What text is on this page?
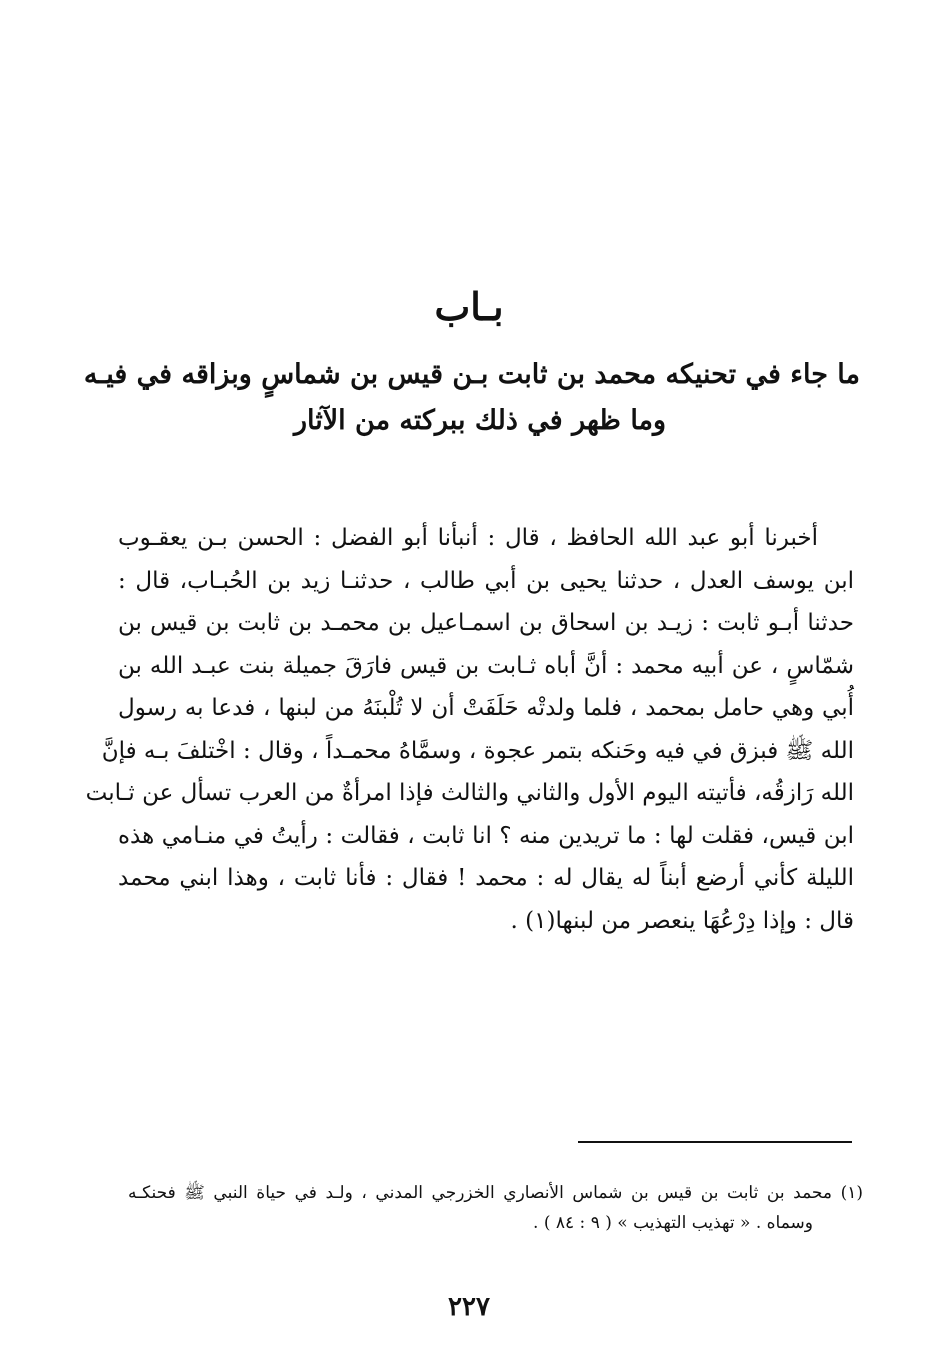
بـاب
ما جاء في تحنيكه محمد بن ثابت بـن قيس بن شماسٍ وبزاقه في فيـه
وما ظهر في ذلك ببركته من الآثار
أخبرنا أبو عبد الله الحافظ ، قال : أنبأنا أبو الفضل : الحسن بـن يعقـوب
ابن يوسف العدل ، حدثنا يحيى بن أبي طالب ، حدثنـا زيد بن الحُبـاب، قال :
حدثنا أبـو ثابت : زيـد بن اسحاق بن اسمـاعيل بن محمـد بن ثابت بن قيس بن
شمّاسٍ ، عن أبيه محمد : أنَّ أباه ثـابت بن قيس فارَقَ جميلة بنت عبـد الله بن
أُبي وهي حامل بمحمد ، فلما ولدتْه حَلَفَتْ أن لا تُلْبنَهُ من لبنها ، فدعا به رسول
الله ﷺ فبزق في فيه وحَنكه بتمر عجوة ، وسمَّاهُ محمـداً ، وقال : اخْتلفَ بـه فإنَّ
الله رَازقُه، فأتيته اليوم الأول والثاني والثالث فإذا امرأةٌ من العرب تسأل عن ثـابت
ابن قيس، فقلت لها : ما تريدين منه ؟ انا ثابت ، فقالت : رأيتُ في منـامي هذه
الليلة كأني أرضع أبناً له يقال له : محمد ! فقال : فأنا ثابت ، وهذا ابني محمد
قال : وإذا دِرْعُهَا ينعصر من لبنها(١) .
(١) محمد بن ثابت بن قيس بن شماس الأنصاري الخزرجي المدني ، ولـد في حياة النبي ﷺ فحنكـه
وسماه . « تهذيب التهذيب » ( ٩ : ٨٤ ) .
٢٢٧
